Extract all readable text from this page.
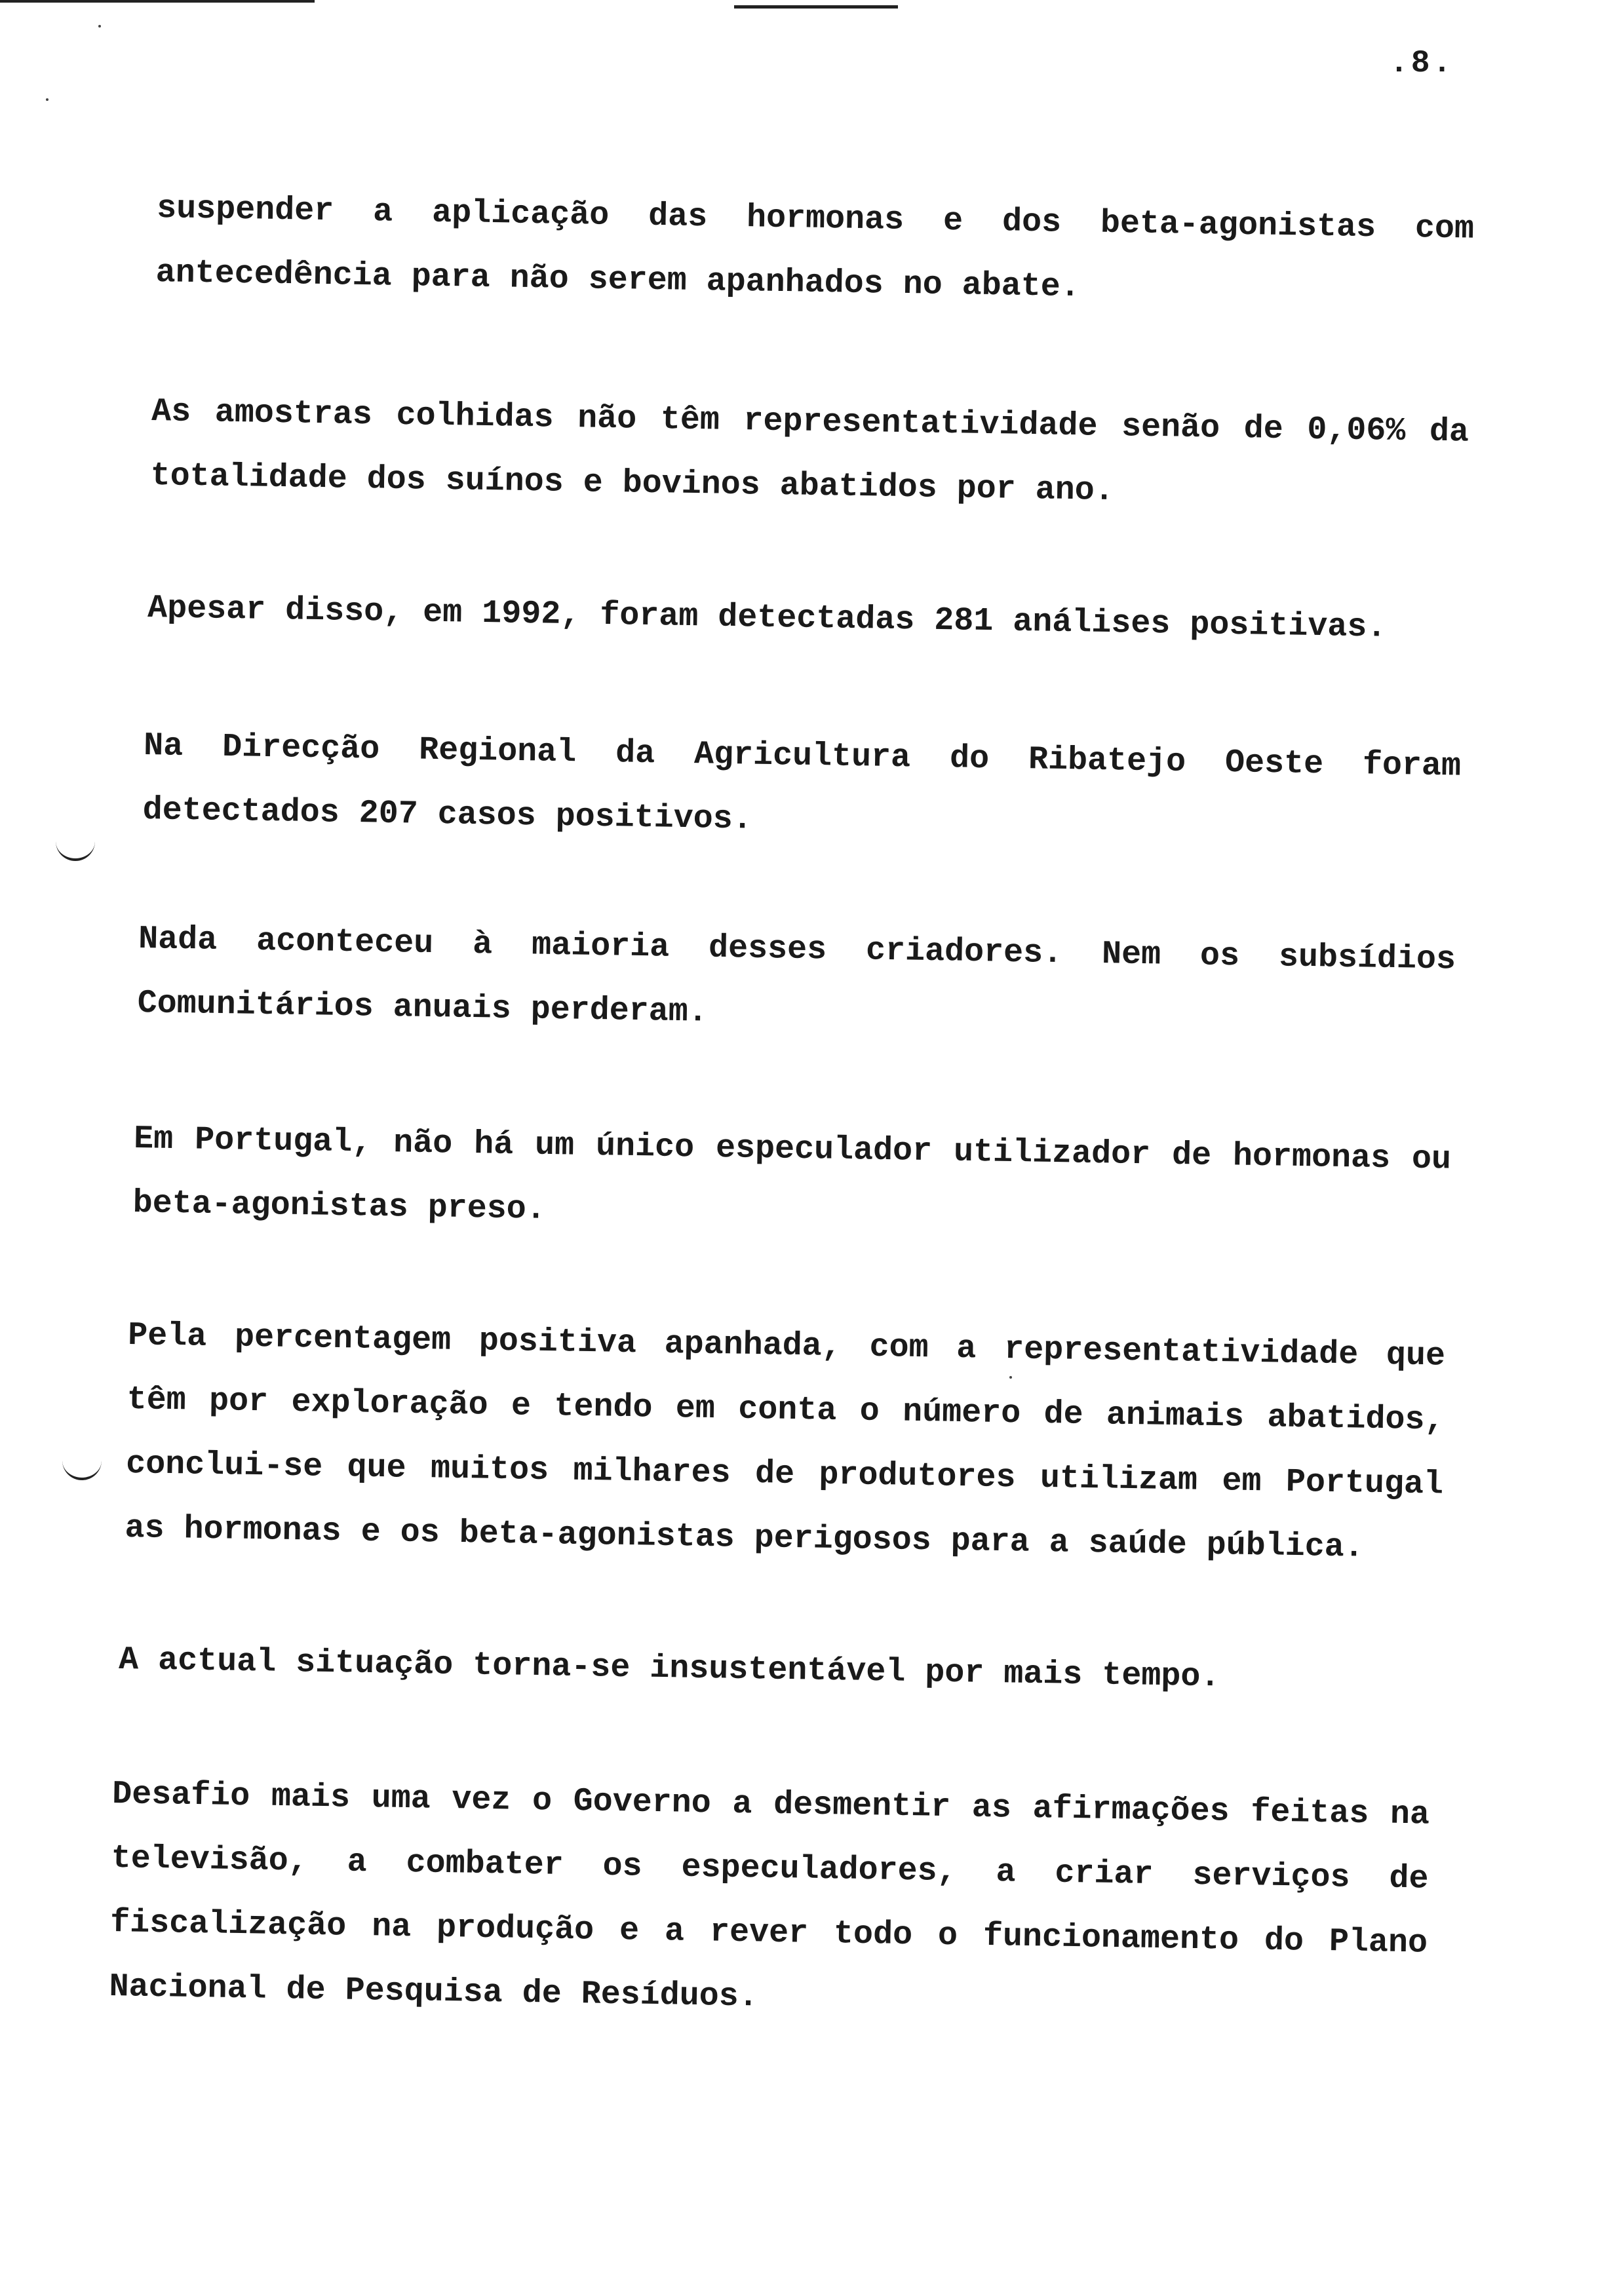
.8.

suspender a aplicação das hormonas e dos beta-agonistas com antecedência para não serem apanhados no abate.

As amostras colhidas não têm representatividade senão de 0,06% da totalidade dos suínos e bovinos abatidos por ano.

Apesar disso, em 1992, foram detectadas 281 análises positivas.

Na Direcção Regional da Agricultura do Ribatejo Oeste foram detectados 207 casos positivos.

Nada aconteceu à maioria desses criadores. Nem os subsídios Comunitários anuais perderam.

Em Portugal, não há um único especulador utilizador de hormonas ou beta-agonistas preso.

Pela percentagem positiva apanhada, com a representatividade que têm por exploração e tendo em conta o número de animais abatidos, conclui-se que muitos milhares de produtores utilizam em Portugal as hormonas e os beta-agonistas perigosos para a saúde pública.

A actual situação torna-se insustentável por mais tempo.

Desafio mais uma vez o Governo a desmentir as afirmações feitas na televisão, a combater os especuladores, a criar serviços de fiscalização na produção e a rever todo o funcionamento do Plano Nacional de Pesquisa de Resíduos.
